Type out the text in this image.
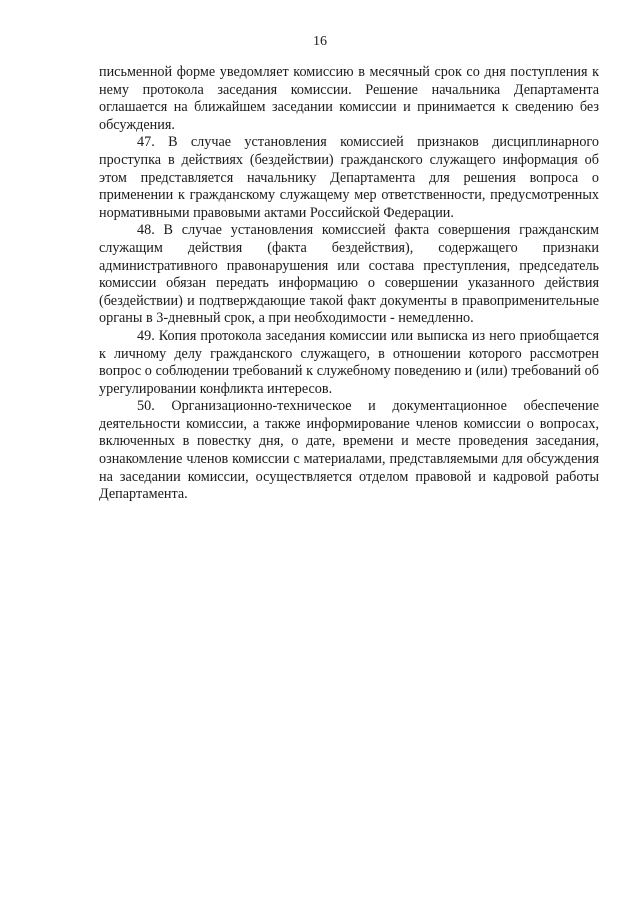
16

письменной форме уведомляет комиссию в месячный срок со дня поступления к нему протокола заседания комиссии. Решение начальника Департамента оглашается на ближайшем заседании комиссии и принимается к сведению без обсуждения.

47. В случае установления комиссией признаков дисциплинарного проступка в действиях (бездействии) гражданского служащего информация об этом представляется начальнику Департамента для решения вопроса о применении к гражданскому служащему мер ответственности, предусмотренных нормативными правовыми актами Российской Федерации.

48. В случае установления комиссией факта совершения гражданским служащим действия (факта бездействия), содержащего признаки административного правонарушения или состава преступления, председатель комиссии обязан передать информацию о совершении указанного действия (бездействии) и подтверждающие такой факт документы в правоприменительные органы в 3-дневный срок, а при необходимости - немедленно.

49. Копия протокола заседания комиссии или выписка из него приобщается к личному делу гражданского служащего, в отношении которого рассмотрен вопрос о соблюдении требований к служебному поведению и (или) требований об урегулировании конфликта интересов.

50. Организационно-техническое и документационное обеспечение деятельности комиссии, а также информирование членов комиссии о вопросах, включенных в повестку дня, о дате, времени и месте проведения заседания, ознакомление членов комиссии с материалами, представляемыми для обсуждения на заседании комиссии, осуществляется отделом правовой и кадровой работы Департамента.
